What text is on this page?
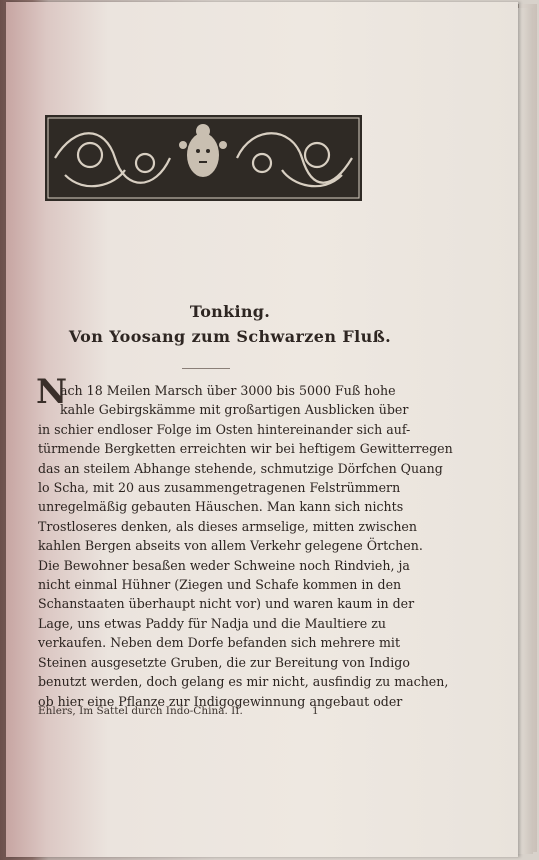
Tonking.
Von Yoosang zum Schwarzen Fluß.
N
ach 18 Meilen Marsch über 3000 bis 5000 Fuß hohe
kahle Gebirgskämme mit großartigen Ausblicken über
in schier endloser Folge im Osten hintereinander sich auf-
türmende Bergketten erreichten wir bei heftigem Gewitterregen
das an steilem Abhange stehende, schmutzige Dörfchen Quang
lo Scha, mit 20 aus zusammengetragenen Felstrümmern
unregelmäßig gebauten Häuschen. Man kann sich nichts
Trostloseres denken, als dieses armselige, mitten zwischen
kahlen Bergen abseits von allem Verkehr gelegene Örtchen.
Die Bewohner besaßen weder Schweine noch Rindvieh, ja
nicht einmal Hühner (Ziegen und Schafe kommen in den
Schanstaaten überhaupt nicht vor) und waren kaum in der
Lage, uns etwas Paddy für Nadja und die Maultiere zu
verkaufen. Neben dem Dorfe befanden sich mehrere mit
Steinen ausgesetzte Gruben, die zur Bereitung von Indigo
benutzt werden, doch gelang es mir nicht, ausfindig zu machen,
ob hier eine Pflanze zur Indigogewinnung angebaut oder
Ehlers, Im Sattel durch Indo-China. II.	1
